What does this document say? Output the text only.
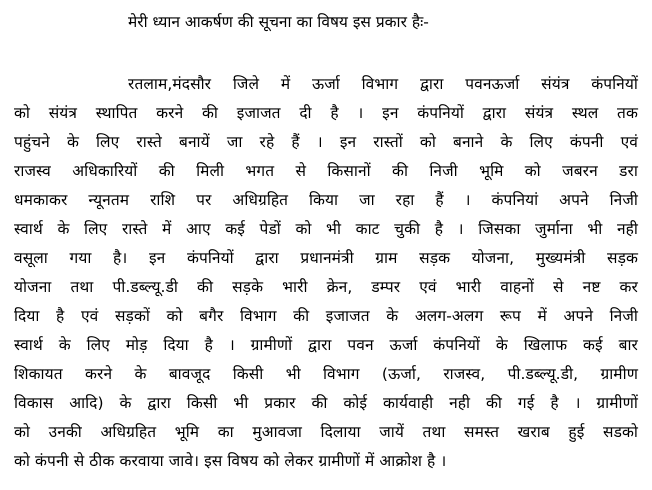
मेरी ध्यान आकर्षण की सूचना का विषय इस प्रकार हैः-
रतलाम,मंदसौर जिले में ऊर्जा विभाग द्वारा पवनऊर्जा संयंत्र कंपनियों
को संयंत्र स्थापित करने की इजाजत दी है । इन कंपनियों द्वारा संयंत्र स्थल तक
पहुंचने के लिए रास्ते बनायें जा रहे हैं । इन रास्तों को बनाने के लिए कंपनी एवं
राजस्व अधिकारियों की मिली भगत से किसानों की निजी भूमि को जबरन डरा
धमकाकर न्यूनतम राशि पर अधिग्रहित किया जा रहा हैं । कंपनियां अपने निजी
स्वार्थ के लिए रास्ते में आए कई पेडों को भी काट चुकी है । जिसका जुर्माना भी नही
वसूला गया है। इन कंपनियों द्वारा प्रधानमंत्री ग्राम सड़क योजना, मुख्यमंत्री सड़क
योजना तथा पी.डब्ल्यू.डी की सड़के भारी क्रेन, डम्पर एवं भारी वाहनों से नष्ट कर
दिया है एवं सड़कों को बगैर विभाग की इजाजत के अलग-अलग रूप में अपने निजी
स्वार्थ के लिए मोड़ दिया है । ग्रामीणों द्वारा पवन ऊर्जा कंपनियों के खिलाफ कई बार
शिकायत करने के बावजूद किसी भी विभाग (ऊर्जा, राजस्व, पी.डब्ल्यू.डी, ग्रामीण
विकास आदि) के द्वारा किसी भी प्रकार की कोई कार्यवाही नही की गई है । ग्रामीणों
को उनकी अधिग्रहित भूमि का मुआवजा दिलाया जायें तथा समस्त खराब हुई सडको
को कंपनी से ठीक करवाया जावे। इस विषय को लेकर ग्रामीणों में आक्रोश है ।
